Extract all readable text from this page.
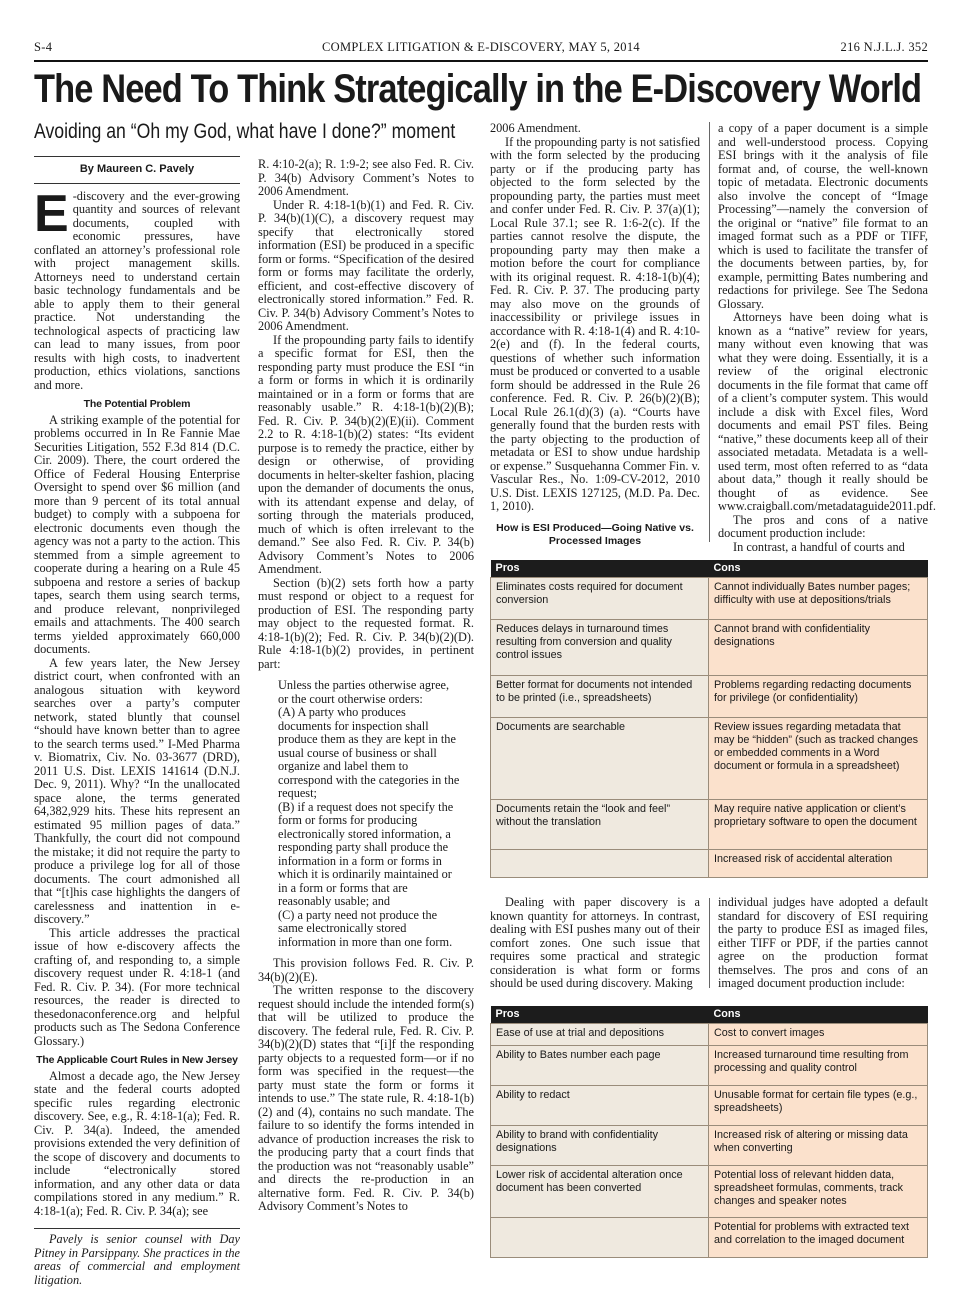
S-4	COMPLEX LITIGATION & E-DISCOVERY, MAY 5, 2014	216 N.J.L.J. 352
The Need To Think Strategically in the E-Discovery World
Avoiding an “Oh my God, what have I done?” moment
By Maureen C. Pavely

E -discovery and the ever-growing quantity and sources of relevant documents, coupled with economic pressures, have conflated an attorney’s professional role with project management skills. Attorneys need to understand certain basic technology fundamentals and be able to apply them to their general practice. Not understanding the technological aspects of practicing law can lead to many issues, from poor results with high costs, to inadvertent production, ethics violations, sanctions and more.

The Potential Problem

A striking example of the potential for problems occurred in In Re Fannie Mae Securities Litigation, 552 F.3d 814 (D.C. Cir. 2009). There, the court ordered the Office of Federal Housing Enterprise Oversight to spend over $6 million (and more than 9 percent of its total annual budget) to comply with a subpoena for electronic documents even though the agency was not a party to the action. This stemmed from a simple agreement to cooperate during a hearing on a Rule 45 subpoena and restore a series of backup tapes, search them using search terms, and produce relevant, nonprivileged emails and attachments. The 400 search terms yielded approximately 660,000 documents.

A few years later, the New Jersey district court, when confronted with an analogous situation with keyword searches over a party’s computer network, stated bluntly that counsel “should have known better than to agree to the search terms used.” I-Med Pharma v. Biomatrix, Civ. No. 03-3677 (DRD), 2011 U.S. Dist. LEXIS 141614 (D.N.J. Dec. 9, 2011). Why? “In the unallocated space alone, the terms generated 64,382,929 hits. These hits represent an estimated 95 million pages of data.” Thankfully, the court did not compound the mistake; it did not require the party to produce a privilege log for all of those documents. The court admonished all that “[t]his case highlights the dangers of carelessness and inattention in e-discovery.”

This article addresses the practical issue of how e-discovery affects the crafting of, and responding to, a simple discovery request under R. 4:18-1 (and Fed. R. Civ. P. 34). (For more technical resources, the reader is directed to thesedonaconference.org and helpful products such as The Sedona Conference Glossary.)

The Applicable Court Rules in New Jersey

Almost a decade ago, the New Jersey state and the federal courts adopted specific rules regarding electronic discovery. See, e.g., R. 4:18-1(a); Fed. R. Civ. P. 34(a). Indeed, the amended provisions extended the very definition of the scope of discovery and documents to include “electronically stored information, and any other data or data compilations stored in any medium.” R. 4:18-1(a); Fed. R. Civ. P. 34(a); see

Pavely is senior counsel with Day Pitney in Parsippany. She practices in the areas of commercial and employment litigation.

R. 4:10-2(a); R. 1:9-2; see also Fed. R. Civ. P. 34(b) Advisory Comment’s Notes to 2006 Amendment.

Under R. 4:18-1(b)(1) and Fed. R. Civ. P. 34(b)(1)(C), a discovery request may specify that electronically stored information (ESI) be produced in a specific form or forms. “Specification of the desired form or forms may facilitate the orderly, efficient, and cost-effective discovery of electronically stored information.” Fed. R. Civ. P. 34(b) Advisory Comment’s Notes to 2006 Amendment.

If the propounding party fails to identify a specific format for ESI, then the responding party must produce the ESI “in a form or forms in which it is ordinarily maintained or in a form or forms that are reasonably usable.” R. 4:18-1(b)(2)(B); Fed. R. Civ. P. 34(b)(2)(E)(ii). Comment 2.2 to R. 4:18-1(b)(2) states: “Its evident purpose is to remedy the practice, either by design or otherwise, of providing documents in helter-skelter fashion, placing upon the demander of documents the onus, with its attendant expense and delay, of sorting through the materials produced, much of which is often irrelevant to the demand.” See also Fed. R. Civ. P. 34(b) Advisory Comment’s Notes to 2006 Amendment.

Section (b)(2) sets forth how a party must respond or object to a request for production of ESI. The responding party may object to the requested format. R. 4:18-1(b)(2); Fed. R. Civ. P. 34(b)(2)(D). Rule 4:18-1(b)(2) provides, in pertinent part:

Unless the parties otherwise agree, or the court otherwise orders:

(A) A party who produces documents for inspection shall produce them as they are kept in the usual course of business or shall organize and label them to correspond with the categories in the request;

(B) if a request does not specify the form or forms for producing electronically stored information, a responding party shall produce the information in a form or forms in which it is ordinarily maintained or in a form or forms that are reasonably usable; and

(C) a party need not produce the same electronically stored information in more than one form.

This provision follows Fed. R. Civ. P. 34(b)(2)(E).

The written response to the discovery request should include the intended form(s) that will be utilized to produce the discovery. The federal rule, Fed. R. Civ. P. 34(b)(2)(D) states that “[i]f the responding party objects to a requested form—or if no form was specified in the request—the party must state the form or forms it intends to use.” The state rule, R. 4:18-1(b)(2) and (4), contains no such mandate. The failure to so identify the forms intended in advance of production increases the risk to the producing party that a court finds that the production was not “reasonably usable” and directs the re-production in an alternative form. Fed. R. Civ. P. 34(b) Advisory Comment’s Notes to

2006 Amendment.

If the propounding party is not satisfied with the form selected by the producing party or if the producing party has objected to the form selected by the propounding party, the parties must meet and confer under Fed. R. Civ. P. 37(a)(1); Local Rule 37.1; see R. 1:6-2(c). If the parties cannot resolve the dispute, the propounding party may then make a motion before the court for compliance with its original request. R. 4:18-1(b)(4); Fed. R. Civ. P. 37. The producing party may also move on the grounds of inaccessibility or privilege issues in accordance with R. 4:18-1(4) and R. 4:10-2(e) and (f). In the federal courts, questions of whether such information must be produced or converted to a usable form should be addressed in the Rule 26 conference. Fed. R. Civ. P. 26(b)(2)(B); Local Rule 26.1(d)(3) (a). “Courts have generally found that the burden rests with the party objecting to the production of metadata or ESI to show undue hardship or expense.” Susquehanna Commer Fin. v. Vascular Res., No. 1:09-CV-2012, 2010 U.S. Dist. LEXIS 127125, (M.D. Pa. Dec. 1, 2010).

How is ESI Produced—Going Native vs. Processed Images

a copy of a paper document is a simple and well-understood process. Copying ESI brings with it the analysis of file format and, of course, the well-known topic of metadata. Electronic documents also involve the concept of “Image Processing”—namely the conversion of the original or “native” file format to an imaged format such as a PDF or TIFF, which is used to facilitate the transfer of the documents between parties, by, for example, permitting Bates numbering and redactions for privilege. See The Sedona Glossary.

Attorneys have been doing what is known as a “native” review for years, many without even knowing that was what they were doing. Essentially, it is a review of the original electronic documents in the file format that came off of a client’s computer system. This would include a disk with Excel files, Word documents and email PST files. Being “native,” these documents keep all of their associated metadata. Metadata is a well-used term, most often referred to as “data about data,” though it really should be thought of as evidence. See www.craigball.com/metadataguide2011.pdf.

The pros and cons of a native document production include:

In contrast, a handful of courts and

Pros	Cons
Eliminates costs required for document conversion	Cannot individually Bates number pages; difficulty with use at depositions/trials
Reduces delays in turnaround times resulting from conversion and quality control issues	Cannot brand with confidentiality designations
Better format for documents not intended to be printed (i.e., spreadsheets)	Problems regarding redacting documents for privilege (or confidentiality)
Documents are searchable	Review issues regarding metadata that may be “hidden” (such as tracked changes or embedded comments in a Word document or formula in a spreadsheet)
Documents retain the “look and feel” without the translation	May require native application or client’s proprietary software to open the document
	Increased risk of accidental alteration

Dealing with paper discovery is a known quantity for attorneys. In contrast, dealing with ESI pushes many out of their comfort zones. One such issue that requires some practical and strategic consideration is what form or forms should be used during discovery. Making

individual judges have adopted a default standard for discovery of ESI requiring the party to produce ESI as imaged files, either TIFF or PDF, if the parties cannot agree on the production format themselves. The pros and cons of an imaged document production include:

Pros	Cons
Ease of use at trial and depositions	Cost to convert images
Ability to Bates number each page	Increased turnaround time resulting from processing and quality control
Ability to redact	Unusable format for certain file types (e.g., spreadsheets)
Ability to brand with confidentiality designations	Increased risk of altering or missing data when converting
Lower risk of accidental alteration once document has been converted	Potential loss of relevant hidden data, spreadsheet formulas, comments, track changes and speaker notes
	Potential for problems with extracted text and correlation to the imaged document
